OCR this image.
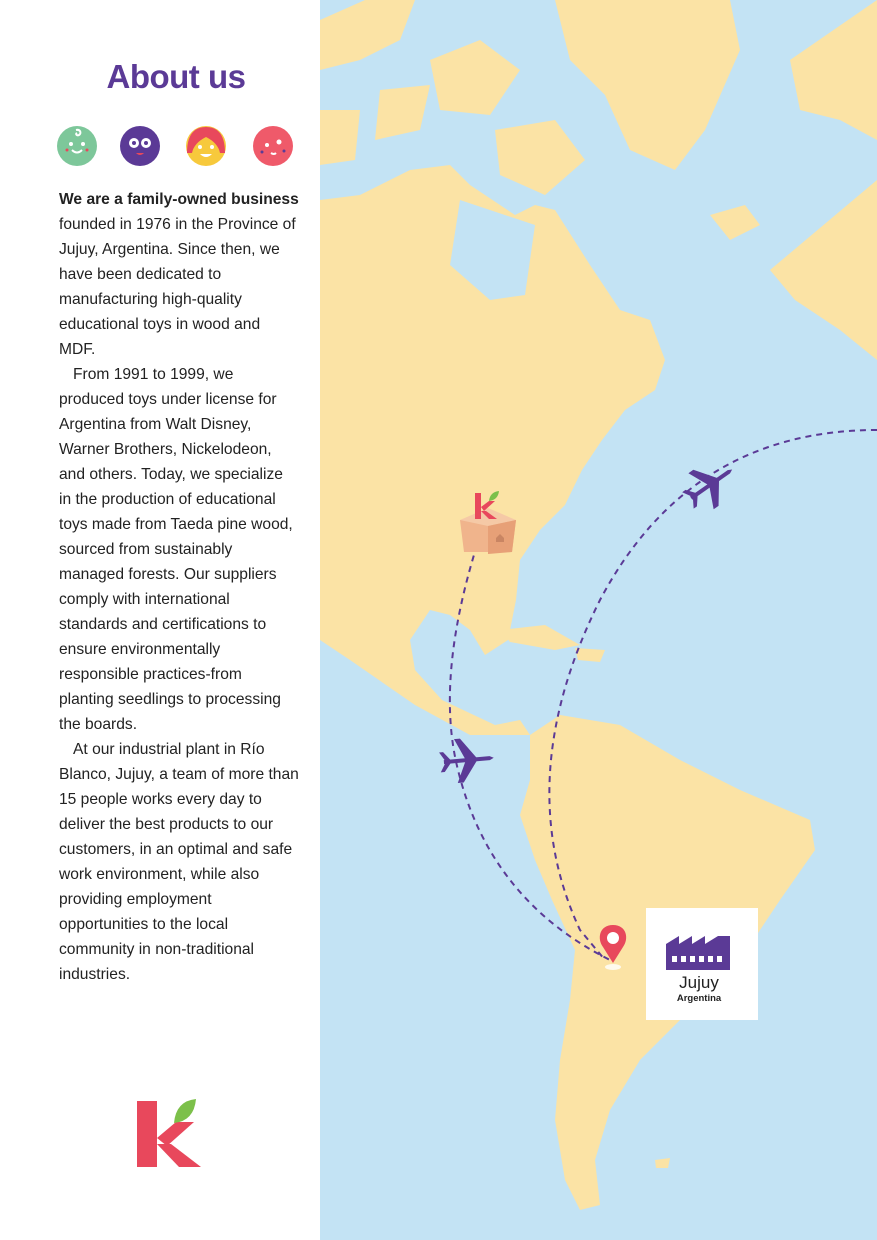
About us

We are a family-owned business founded in 1976 in the Province of Jujuy, Argentina. Since then, we have been dedicated to manufacturing high-quality educational toys in wood and MDF.

From 1991 to 1999, we produced toys under license for Argentina from Walt Disney, Warner Brothers, Nickelodeon, and others. Today, we specialize in the production of educational toys made from Taeda pine wood, sourced from sustainably managed forests. Our suppliers comply with international standards and certifications to ensure environmentally responsible practices-from planting seedlings to processing the boards.

At our industrial plant in Río Blanco, Jujuy, a team of more than 15 people works every day to deliver the best products to our customers, in an optimal and safe work environment, while also providing employment opportunities to the local community in non-traditional industries.	Jujuy
Argentina
